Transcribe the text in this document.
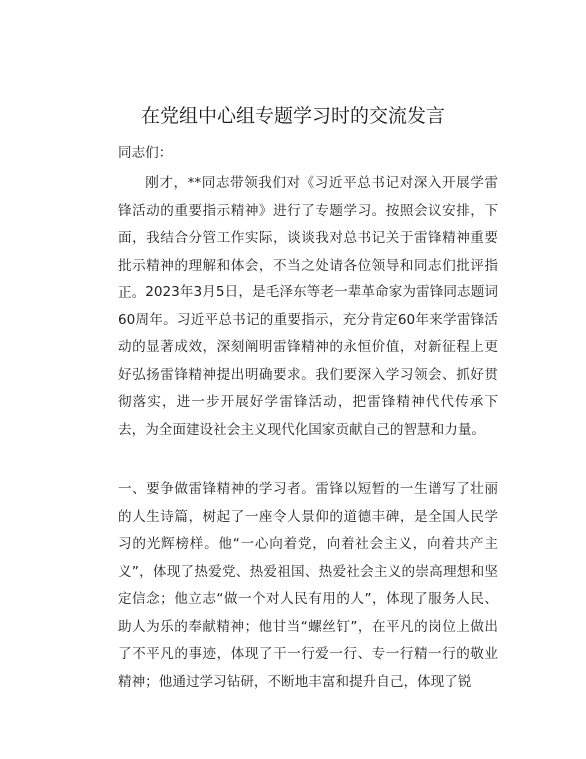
在党组中心组专题学习时的交流发言

同志们：

刚才，**同志带领我们对《习近平总书记对深入开展学雷锋活动的重要指示精神》进行了专题学习。按照会议安排，下面，我结合分管工作实际，谈谈我对总书记关于雷锋精神重要批示精神的理解和体会，不当之处请各位领导和同志们批评指正。 2023年3月5日，是毛泽东等老一辈革命家为雷锋同志题词60周年。习近平总书记的重要指示，充分肯定60年来学雷锋活动的显著成效，深刻阐明雷锋精神的永恒价值，对新征程上更好弘扬雷锋精神提出明确要求。我们要深入学习领会、抓好贯彻落实，进一步开展好学雷锋活动，把雷锋精神代代传承下去，为全面建设社会主义现代化国家贡献自己的智慧和力量。

一、要争做雷锋精神的学习者。雷锋以短暂的一生谱写了壮丽的人生诗篇，树起了一座令人景仰的道德丰碑，是全国人民学习的光辉榜样。他“一心向着党，向着社会主义，向着共产主义”，体现了热爱党、热爱祖国、热爱社会主义的崇高理想和坚定信念；他立志“做一个对人民有用的人”，体现了服务人民、助人为乐的奉献精神；他甘当“螺丝钉”，在平凡的岗位上做出了不平凡的事迹，体现了干一行爱一行、专一行精一行的敬业精神；他通过学习钻研，不断地丰富和提升自己，体现了锐
